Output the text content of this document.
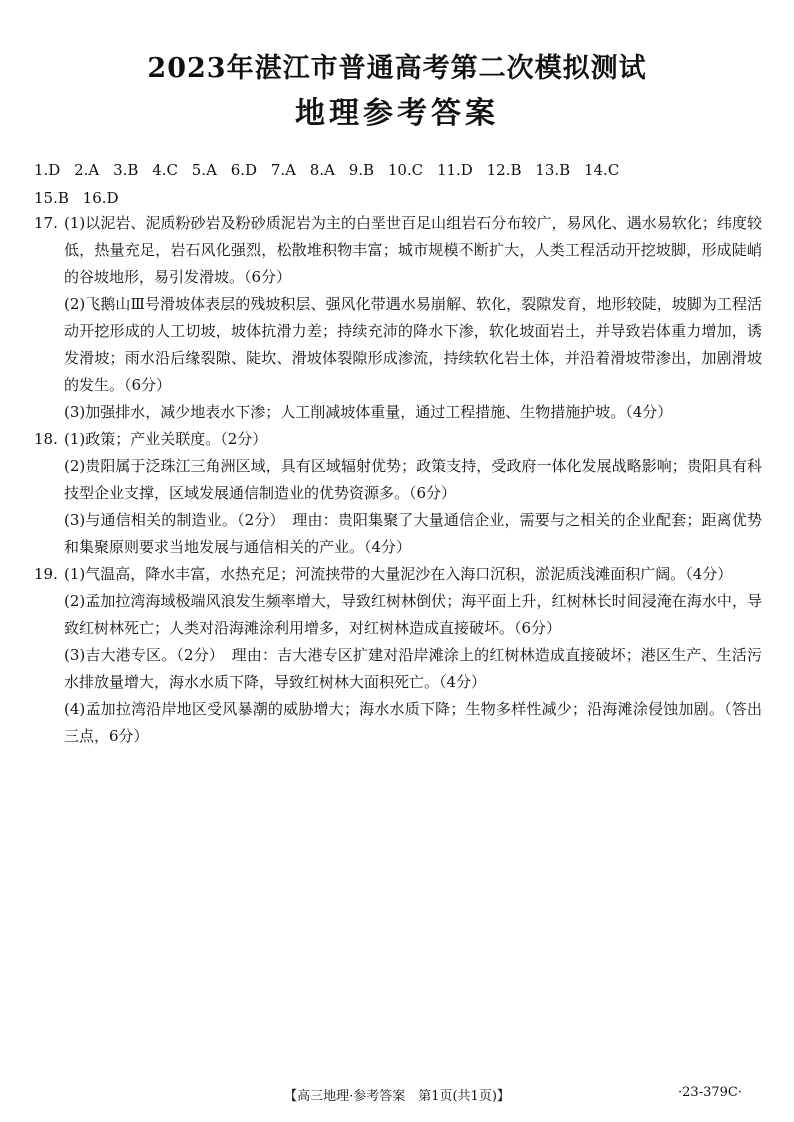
2023年湛江市普通高考第二次模拟测试
地理参考答案
1.D 2.A 3.B 4.C 5.A 6.D 7.A 8.A 9.B 10.C 11.D 12.B 13.B 14.C
15.B 16.D
17. (1)以泥岩、泥质粉砂岩及粉砂质泥岩为主的白垩世百足山组岩石分布较广，易风化、遇水易软化；纬度较低，热量充足，岩石风化强烈，松散堆积物丰富；城市规模不断扩大，人类工程活动开挖坡脚，形成陡峭的谷坡地形，易引发滑坡。（6分）

(2)飞鹅山Ⅲ号滑坡体表层的残坡积层、强风化带遇水易崩解、软化，裂隙发育，地形较陡，坡脚为工程活动开挖形成的人工切坡，坡体抗滑力差；持续充沛的降水下渗，软化坡面岩土，并导致岩体重力增加，诱发滑坡；雨水沿后缘裂隙、陡坎、滑坡体裂隙形成渗流，持续软化岩土体，并沿着滑坡带渗出，加剧滑坡的发生。（6分）

(3)加强排水，减少地表水下渗；人工削减坡体重量，通过工程措施、生物措施护坡。（4分）

18. (1)政策；产业关联度。（2分）

(2)贵阳属于泛珠江三角洲区域，具有区域辐射优势；政策支持，受政府一体化发展战略影响；贵阳具有科技型企业支撑，区域发展通信制造业的优势资源多。（6分）

(3)与通信相关的制造业。（2分）　理由：贵阳集聚了大量通信企业，需要与之相关的企业配套；距离优势和集聚原则要求当地发展与通信相关的产业。（4分）

19. (1)气温高，降水丰富，水热充足；河流挟带的大量泥沙在入海口沉积，淤泥质浅滩面积广阔。（4分）

(2)孟加拉湾海域极端风浪发生频率增大，导致红树林倒伏；海平面上升，红树林长时间浸淹在海水中，导致红树林死亡；人类对沿海滩涂利用增多，对红树林造成直接破坏。（6分）

(3)吉大港专区。（2分）　理由：吉大港专区扩建对沿岸滩涂上的红树林造成直接破坏；港区生产、生活污水排放量增大，海水水质下降，导致红树林大面积死亡。（4分）

(4)孟加拉湾沿岸地区受风暴潮的威胁增大；海水水质下降；生物多样性减少；沿海滩涂侵蚀加剧。（答出三点，6分）

【高三地理·参考答案　第1页(共1页)】	·23-379C·
